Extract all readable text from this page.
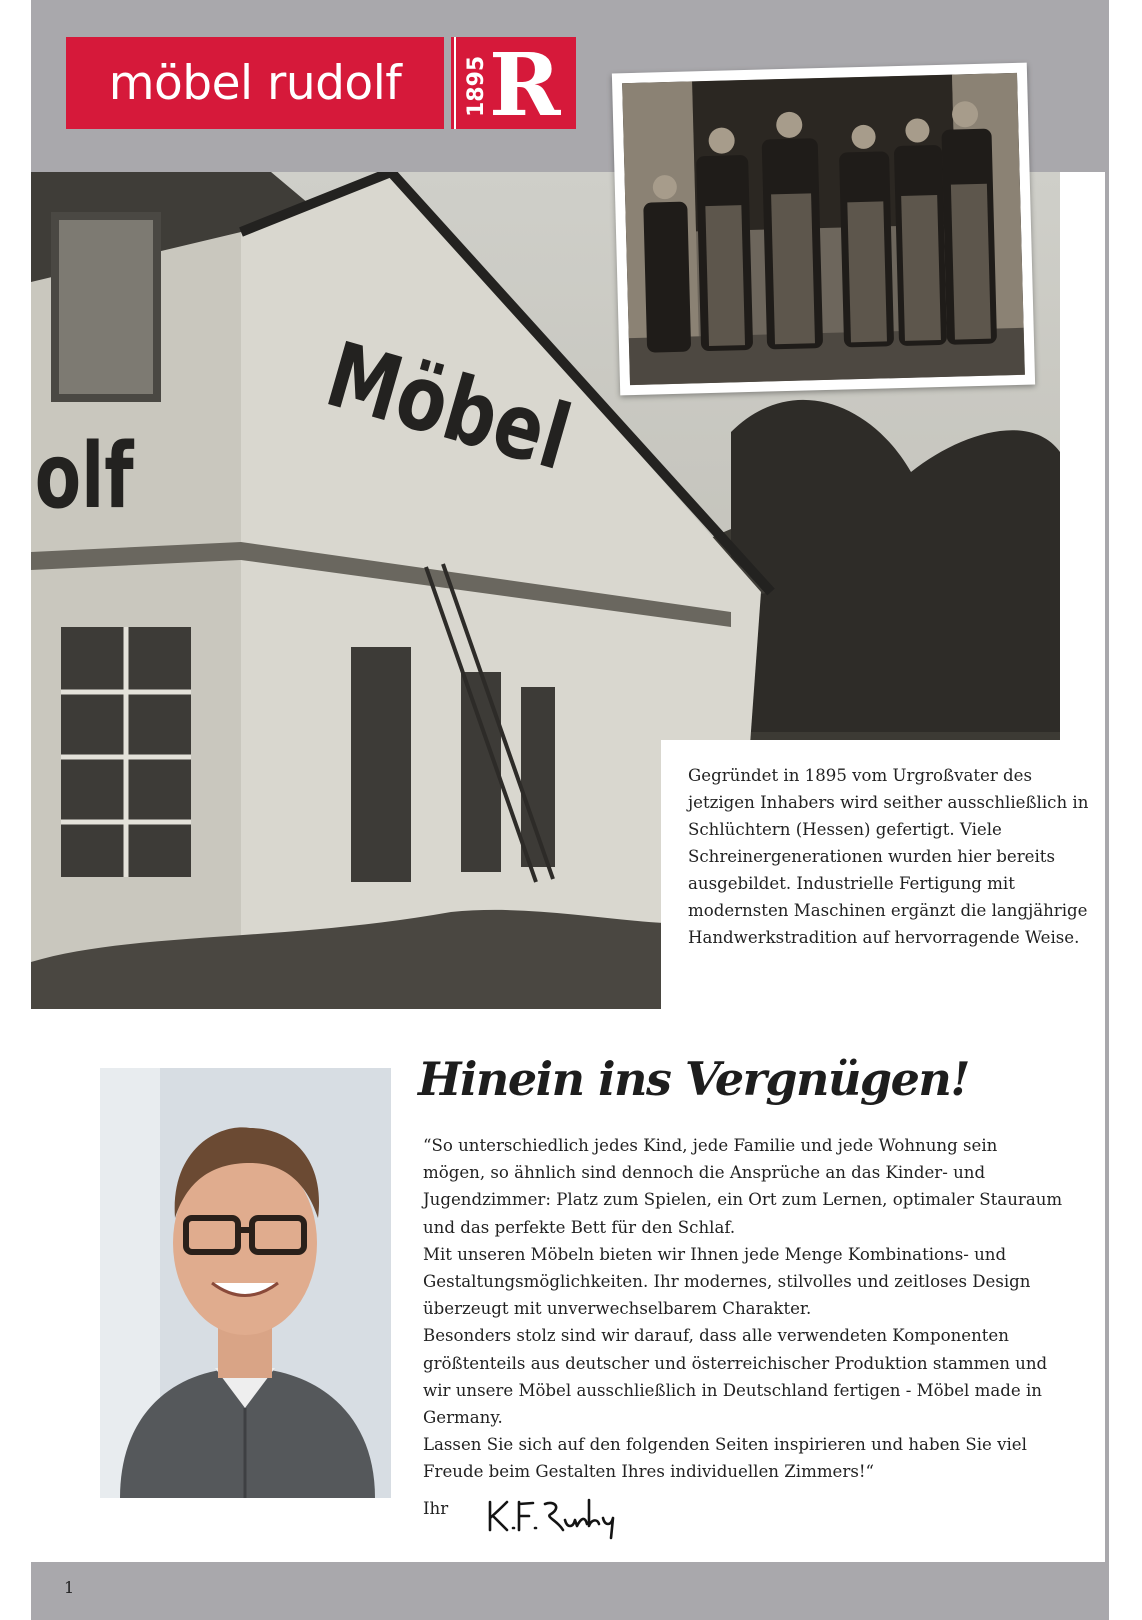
olf Möbel
möbel rudolf	1895 R

Gegründet in 1895 vom Urgroßvater des jetzigen Inhabers wird seither ausschließlich in Schlüchtern (Hessen) gefertigt. Viele Schreinergenerationen wurden hier bereits ausgebildet. Industrielle Fertigung mit modernsten Maschinen ergänzt die langjährige Handwerkstradition auf hervorragende Weise.

Hinein ins Vergnügen!

“So unterschiedlich jedes Kind, jede Familie und jede Wohnung sein mögen, so ähnlich sind dennoch die Ansprüche an das Kinder- und Jugendzimmer: Platz zum Spielen, ein Ort zum Lernen, optimaler Stauraum und das perfekte Bett für den Schlaf.

Mit unseren Möbeln bieten wir Ihnen jede Menge Kombinations- und Gestaltungsmöglichkeiten. Ihr modernes, stilvolles und zeitloses Design überzeugt mit unverwechselbarem Charakter.

Besonders stolz sind wir darauf, dass alle verwendeten Komponenten größtenteils aus deutscher und österreichischer Produktion stammen und wir unsere Möbel ausschließlich in Deutschland fertigen - Möbel made in Germany.

Lassen Sie sich auf den folgenden Seiten inspirieren und haben Sie viel Freude beim Gestalten Ihres individuellen Zimmers!“

Ihr
1
